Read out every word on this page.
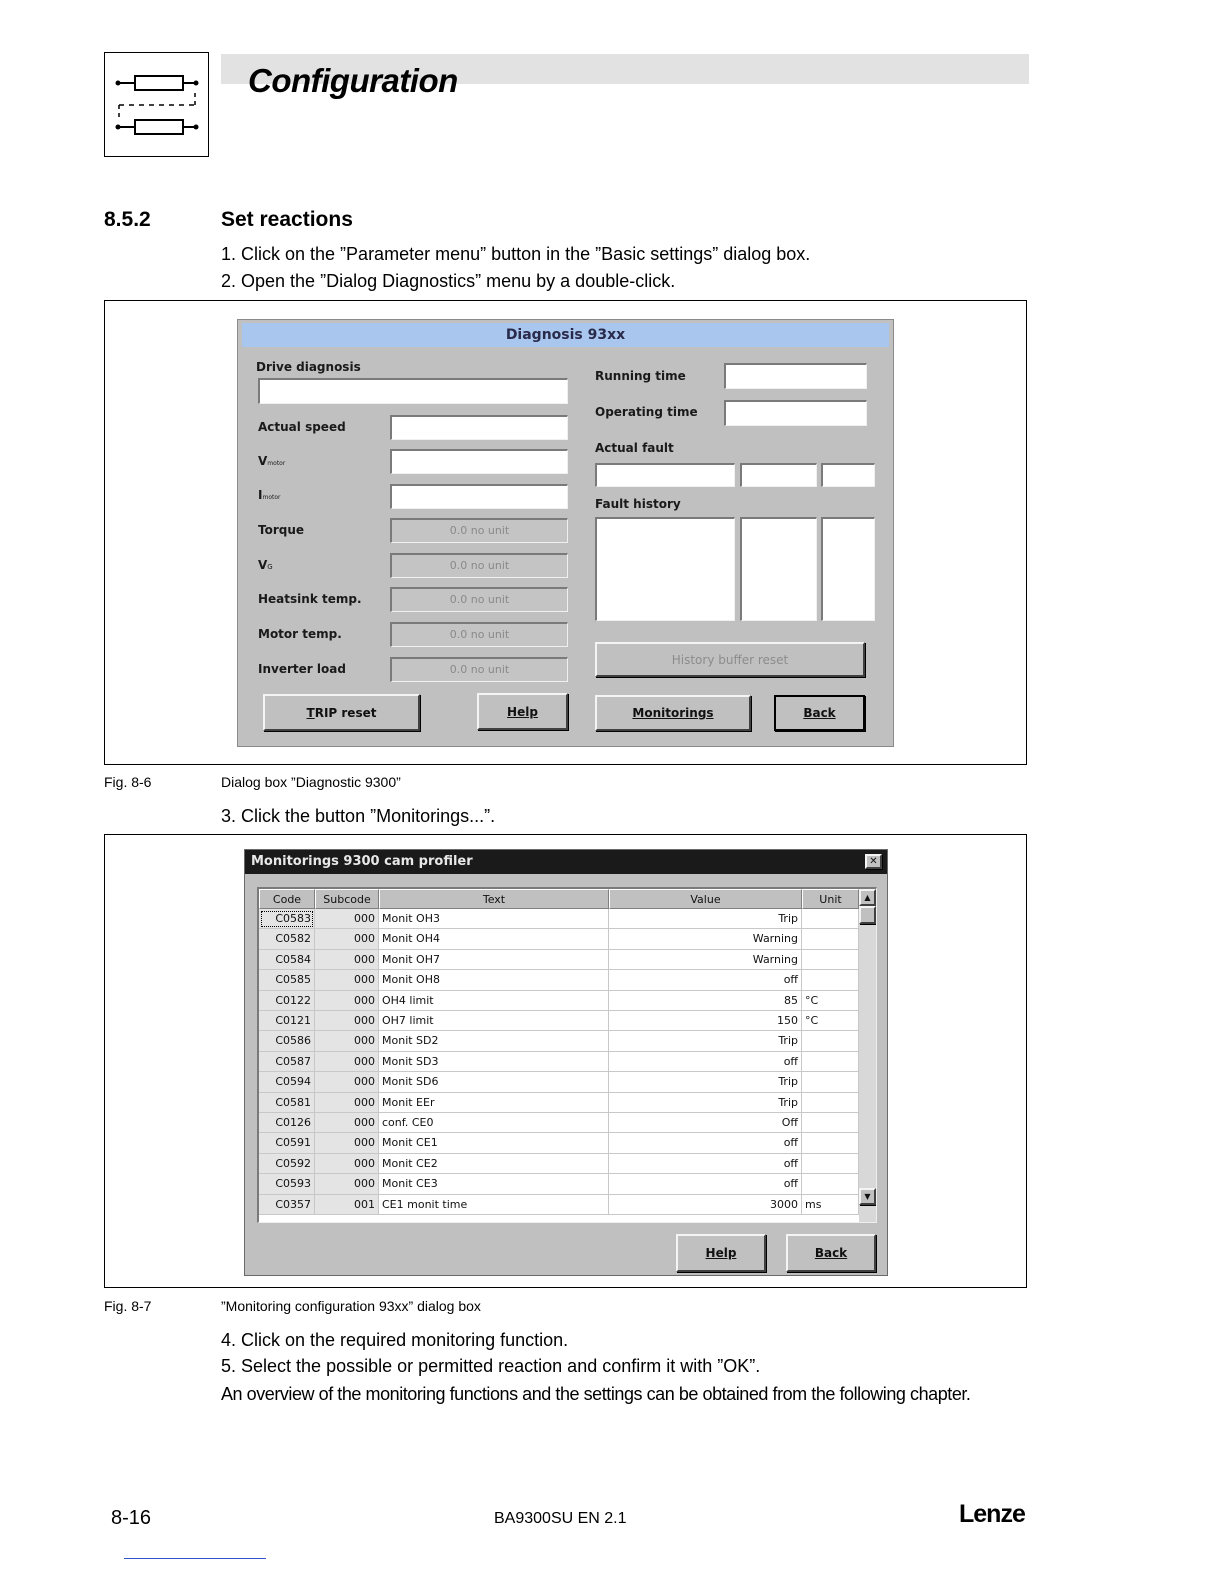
Configuration
8.5.2	Set reactions
1. Click on the ”Parameter menu” button in the ”Basic settings” dialog box.
2. Open the ”Dialog Diagnostics” menu by a double-click.
Diagnosis 93xx
Drive diagnosis
Actual speed
Vmotor
Imotor
Torque	0.0 no unit
VG	0.0 no unit
Heatsink temp.	0.0 no unit
Motor temp.	0.0 no unit
Inverter load	0.0 no unit
Running time
Operating time
Actual fault
Fault history
History buffer reset
T RIP reset	Help	Monitorings	Back
Fig. 8-6	Dialog box ”Diagnostic 9300”
3. Click the button ”Monitorings...”.
Monitorings 9300 cam profiler	✕
Code	Subcode	Text	Value	Unit
C0583	000 Monit OH3	Trip
C0582	000 Monit OH4	Warning
C0584	000 Monit OH7	Warning
C0585	000 Monit OH8	off
C0122	000 OH4 limit	85 °C
C0121	000 OH7 limit	150 °C
C0586	000 Monit SD2	Trip
C0587	000 Monit SD3	off
C0594	000 Monit SD6	Trip
C0581	000 Monit EEr	Trip
C0126	000 conf. CE0	Off
C0591	000 Monit CE1	off
C0592	000 Monit CE2	off
C0593	000 Monit CE3	off
C0357	001 CE1 monit time	3000 ms
▲
▼
Help	Back
Fig. 8-7	”Monitoring configuration 93xx” dialog box
4. Click on the required monitoring function.
5. Select the possible or permitted reaction and confirm it with ”OK”.
An overview of the monitoring functions and the settings can be obtained from the following chapter.
8-16	BA9300SU EN 2.1	Lenze
